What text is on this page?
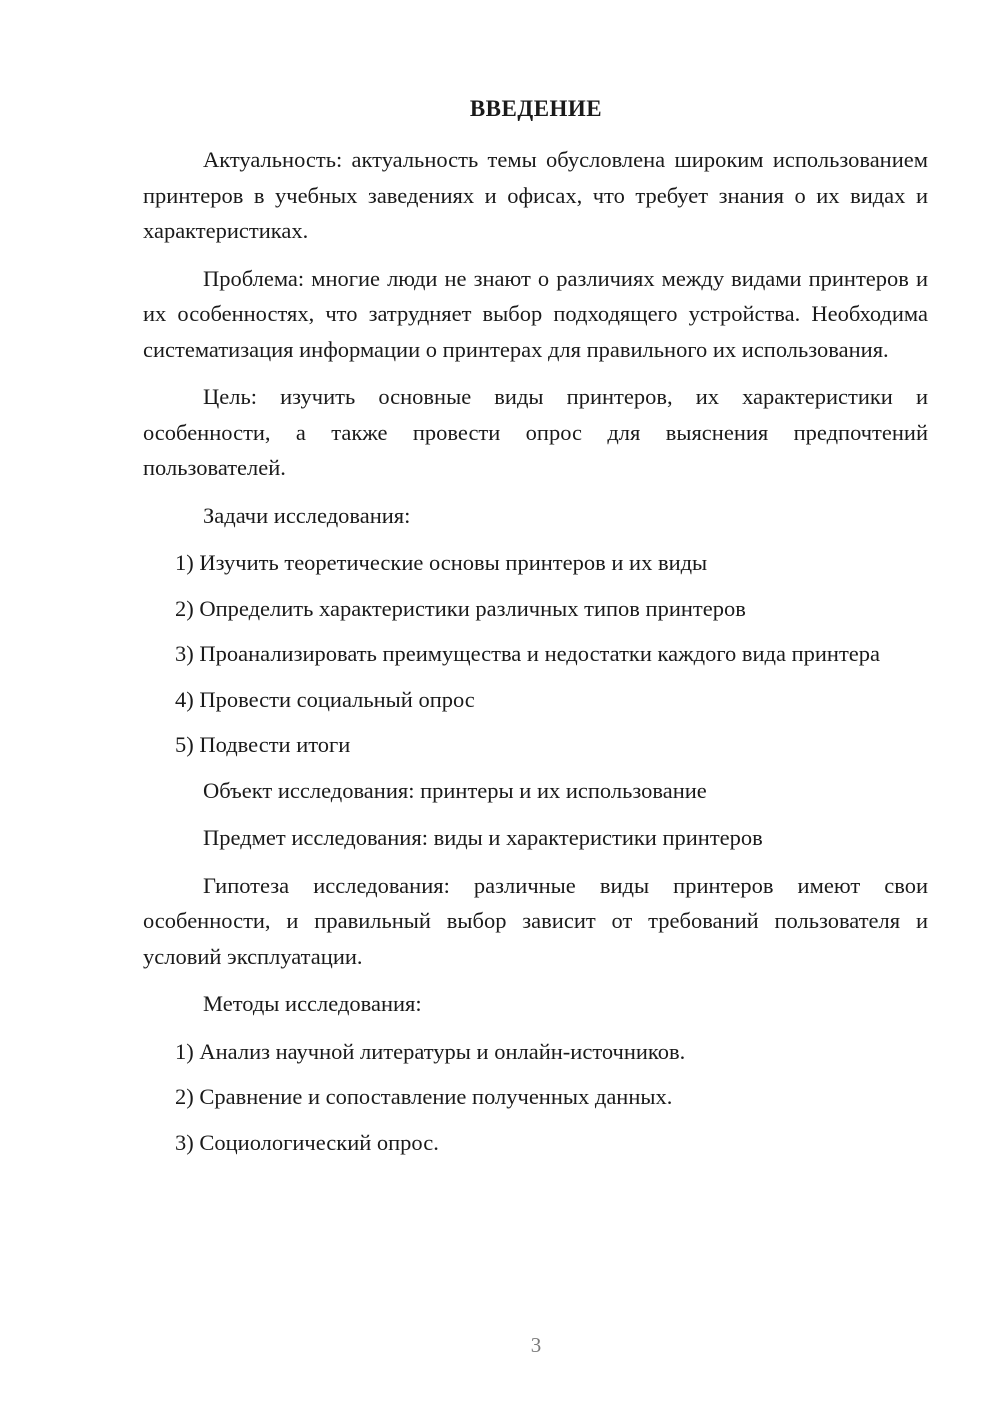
ВВЕДЕНИЕ

Актуальность: актуальность темы обусловлена широким использованием принтеров в учебных заведениях и офисах, что требует знания о их видах и характеристиках.

Проблема: многие люди не знают о различиях между видами принтеров и их особенностях, что затрудняет выбор подходящего устройства. Необходима систематизация информации о принтерах для правильного их использования.

Цель: изучить основные виды принтеров, их характеристики и особенности, а также провести опрос для выяснения предпочтений пользователей.

Задачи исследования:

1) Изучить теоретические основы принтеров и их виды

2) Определить характеристики различных типов принтеров

3) Проанализировать преимущества и недостатки каждого вида принтера

4) Провести социальный опрос

5) Подвести итоги

Объект исследования: принтеры и их использование

Предмет исследования: виды и характеристики принтеров

Гипотеза исследования: различные виды принтеров имеют свои особенности, и правильный выбор зависит от требований пользователя и условий эксплуатации.

Методы исследования:

1) Анализ научной литературы и онлайн-источников.

2) Сравнение и сопоставление полученных данных.

3) Социологический опрос.

3
